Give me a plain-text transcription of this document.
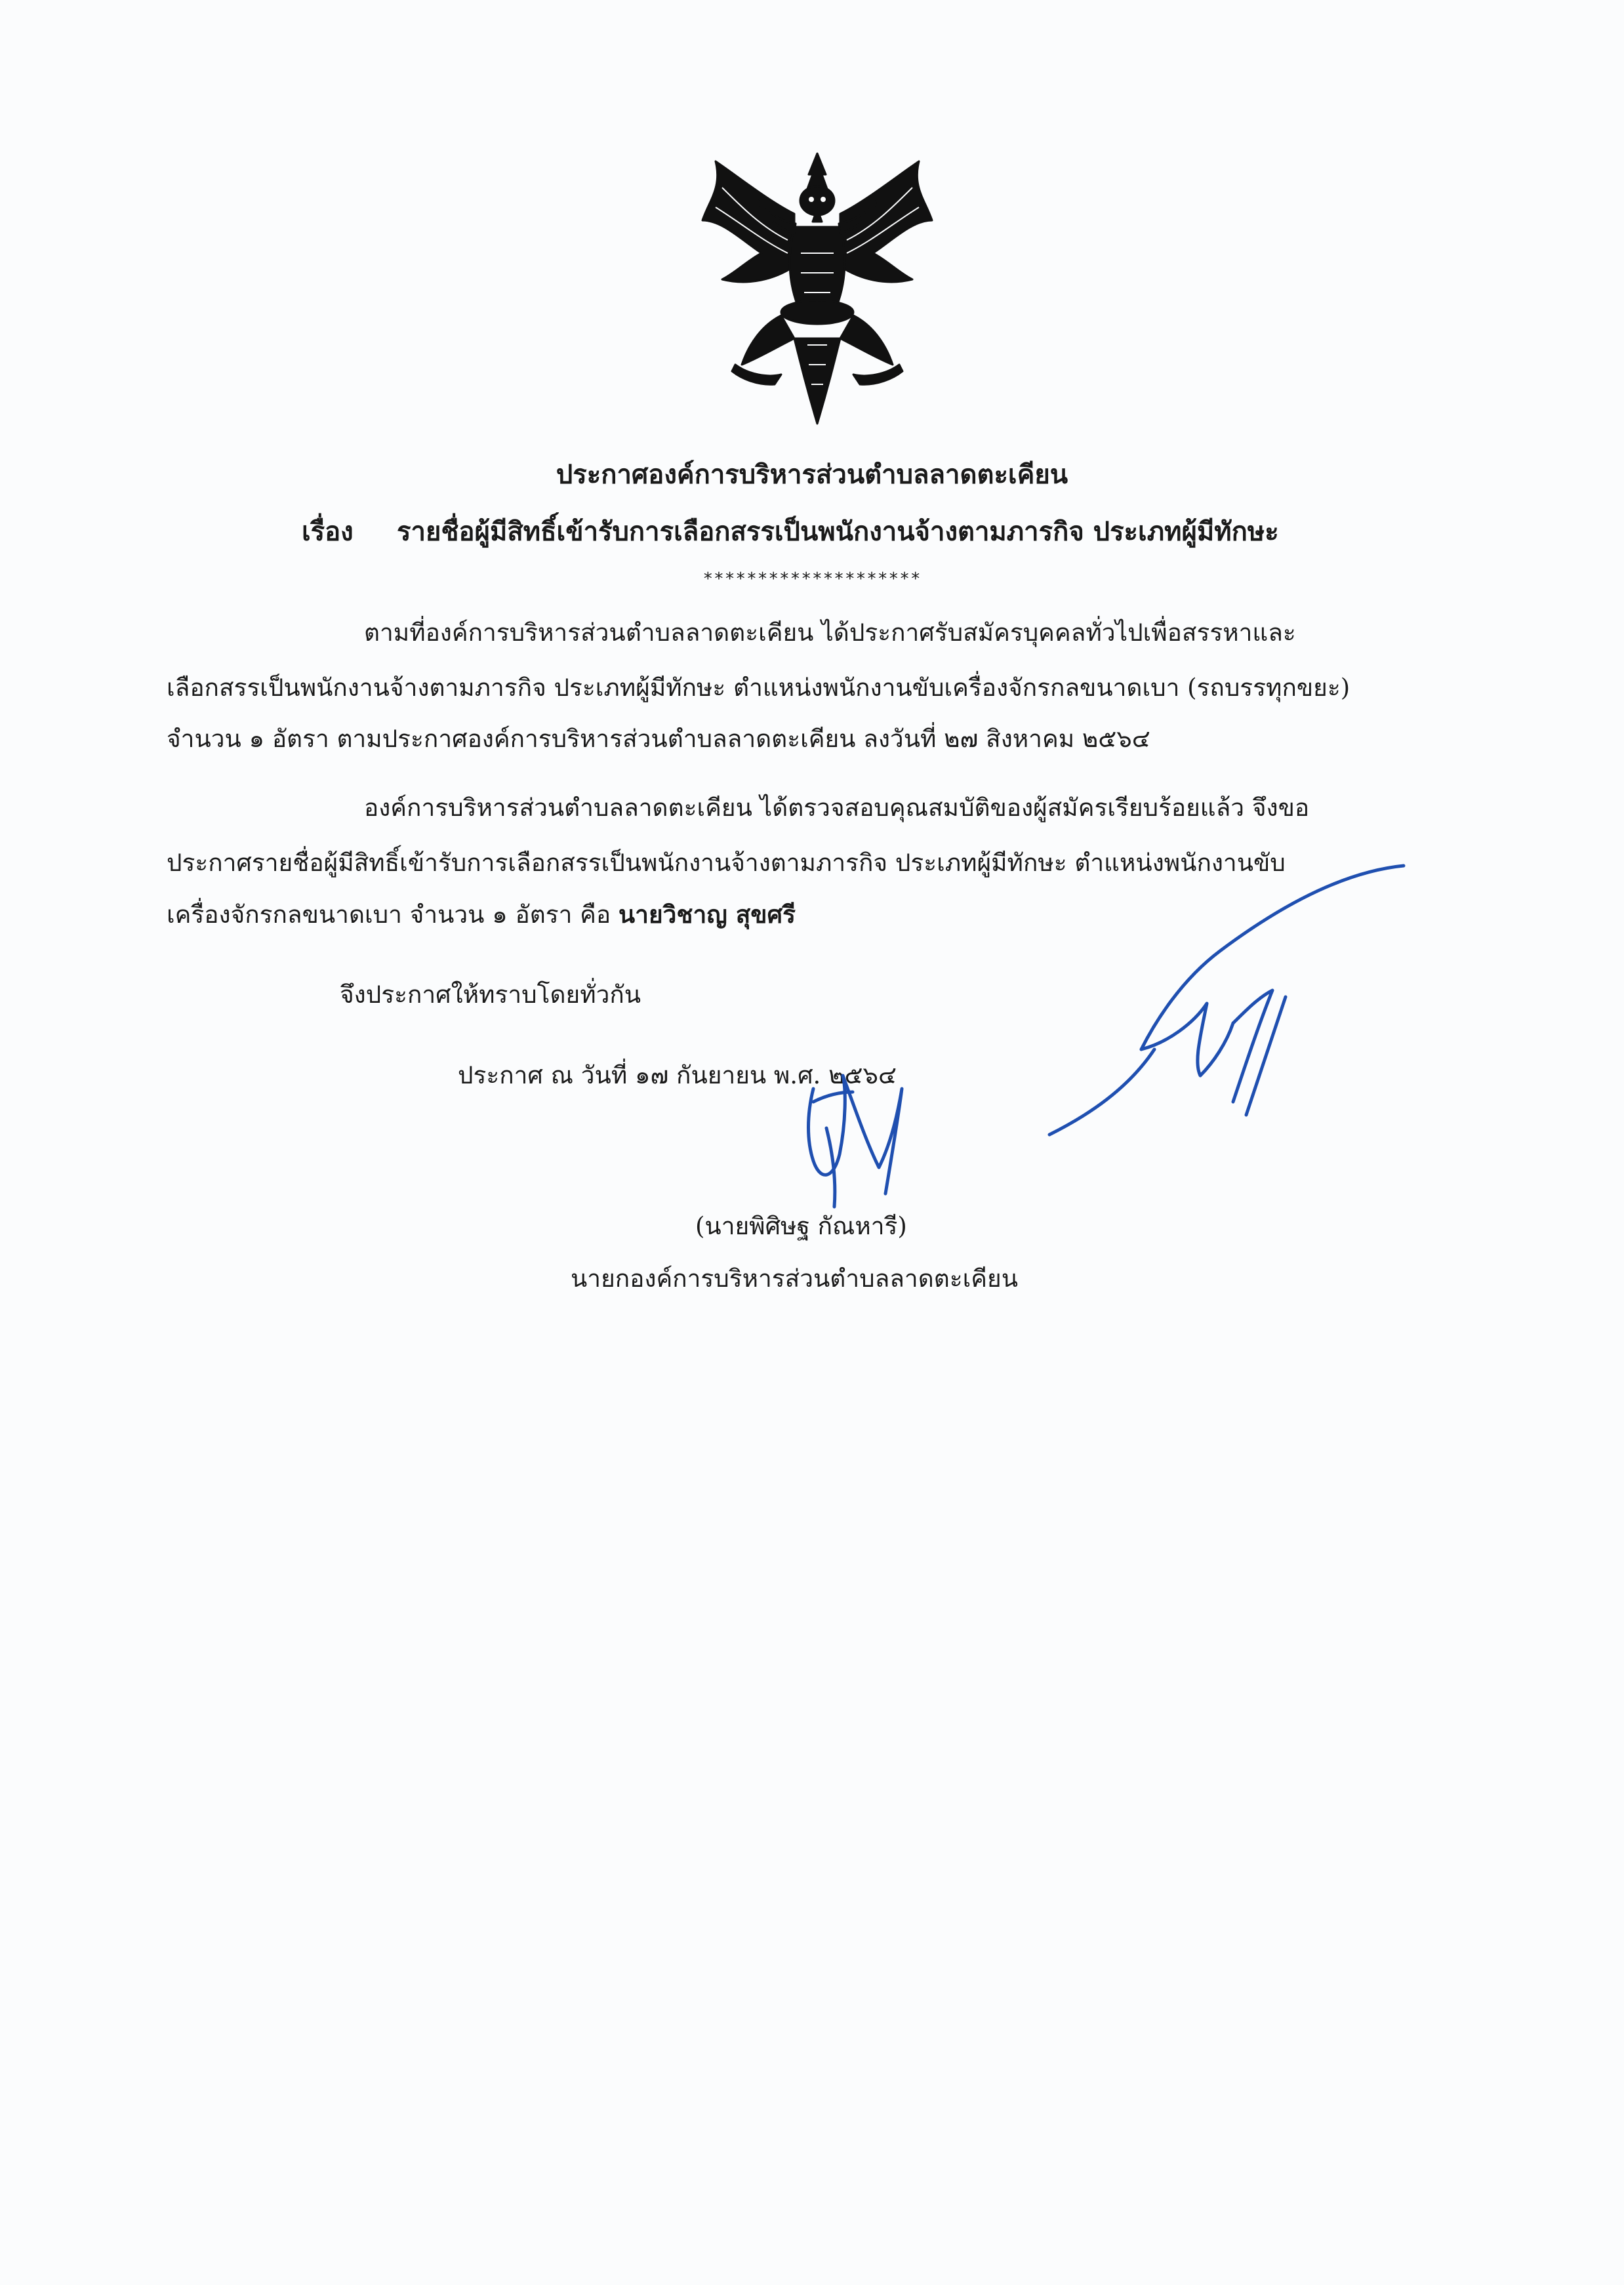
ประกาศองค์การบริหารส่วนตำบลลาดตะเคียน
เรื่อง รายชื่อผู้มีสิทธิ์เข้ารับการเลือกสรรเป็นพนักงานจ้างตามภารกิจ ประเภทผู้มีทักษะ
********************
ตามที่องค์การบริหารส่วนตำบลลาดตะเคียน ได้ประกาศรับสมัครบุคคลทั่วไปเพื่อสรรหาและ
เลือกสรรเป็นพนักงานจ้างตามภารกิจ ประเภทผู้มีทักษะ ตำแหน่งพนักงานขับเครื่องจักรกลขนาดเบา (รถบรรทุกขยะ)
จำนวน ๑ อัตรา ตามประกาศองค์การบริหารส่วนตำบลลาดตะเคียน ลงวันที่ ๒๗ สิงหาคม ๒๕๖๔
องค์การบริหารส่วนตำบลลาดตะเคียน ได้ตรวจสอบคุณสมบัติของผู้สมัครเรียบร้อยแล้ว จึงขอ
ประกาศรายชื่อผู้มีสิทธิ์เข้ารับการเลือกสรรเป็นพนักงานจ้างตามภารกิจ ประเภทผู้มีทักษะ ตำแหน่งพนักงานขับ
เครื่องจักรกลขนาดเบา จำนวน ๑ อัตรา คือ นายวิชาญ สุขศรี
จึงประกาศให้ทราบโดยทั่วกัน
ประกาศ ณ วันที่ ๑๗ กันยายน พ.ศ. ๒๕๖๔
(นายพิศิษฐ กัณหารี)
นายกองค์การบริหารส่วนตำบลลาดตะเคียน
